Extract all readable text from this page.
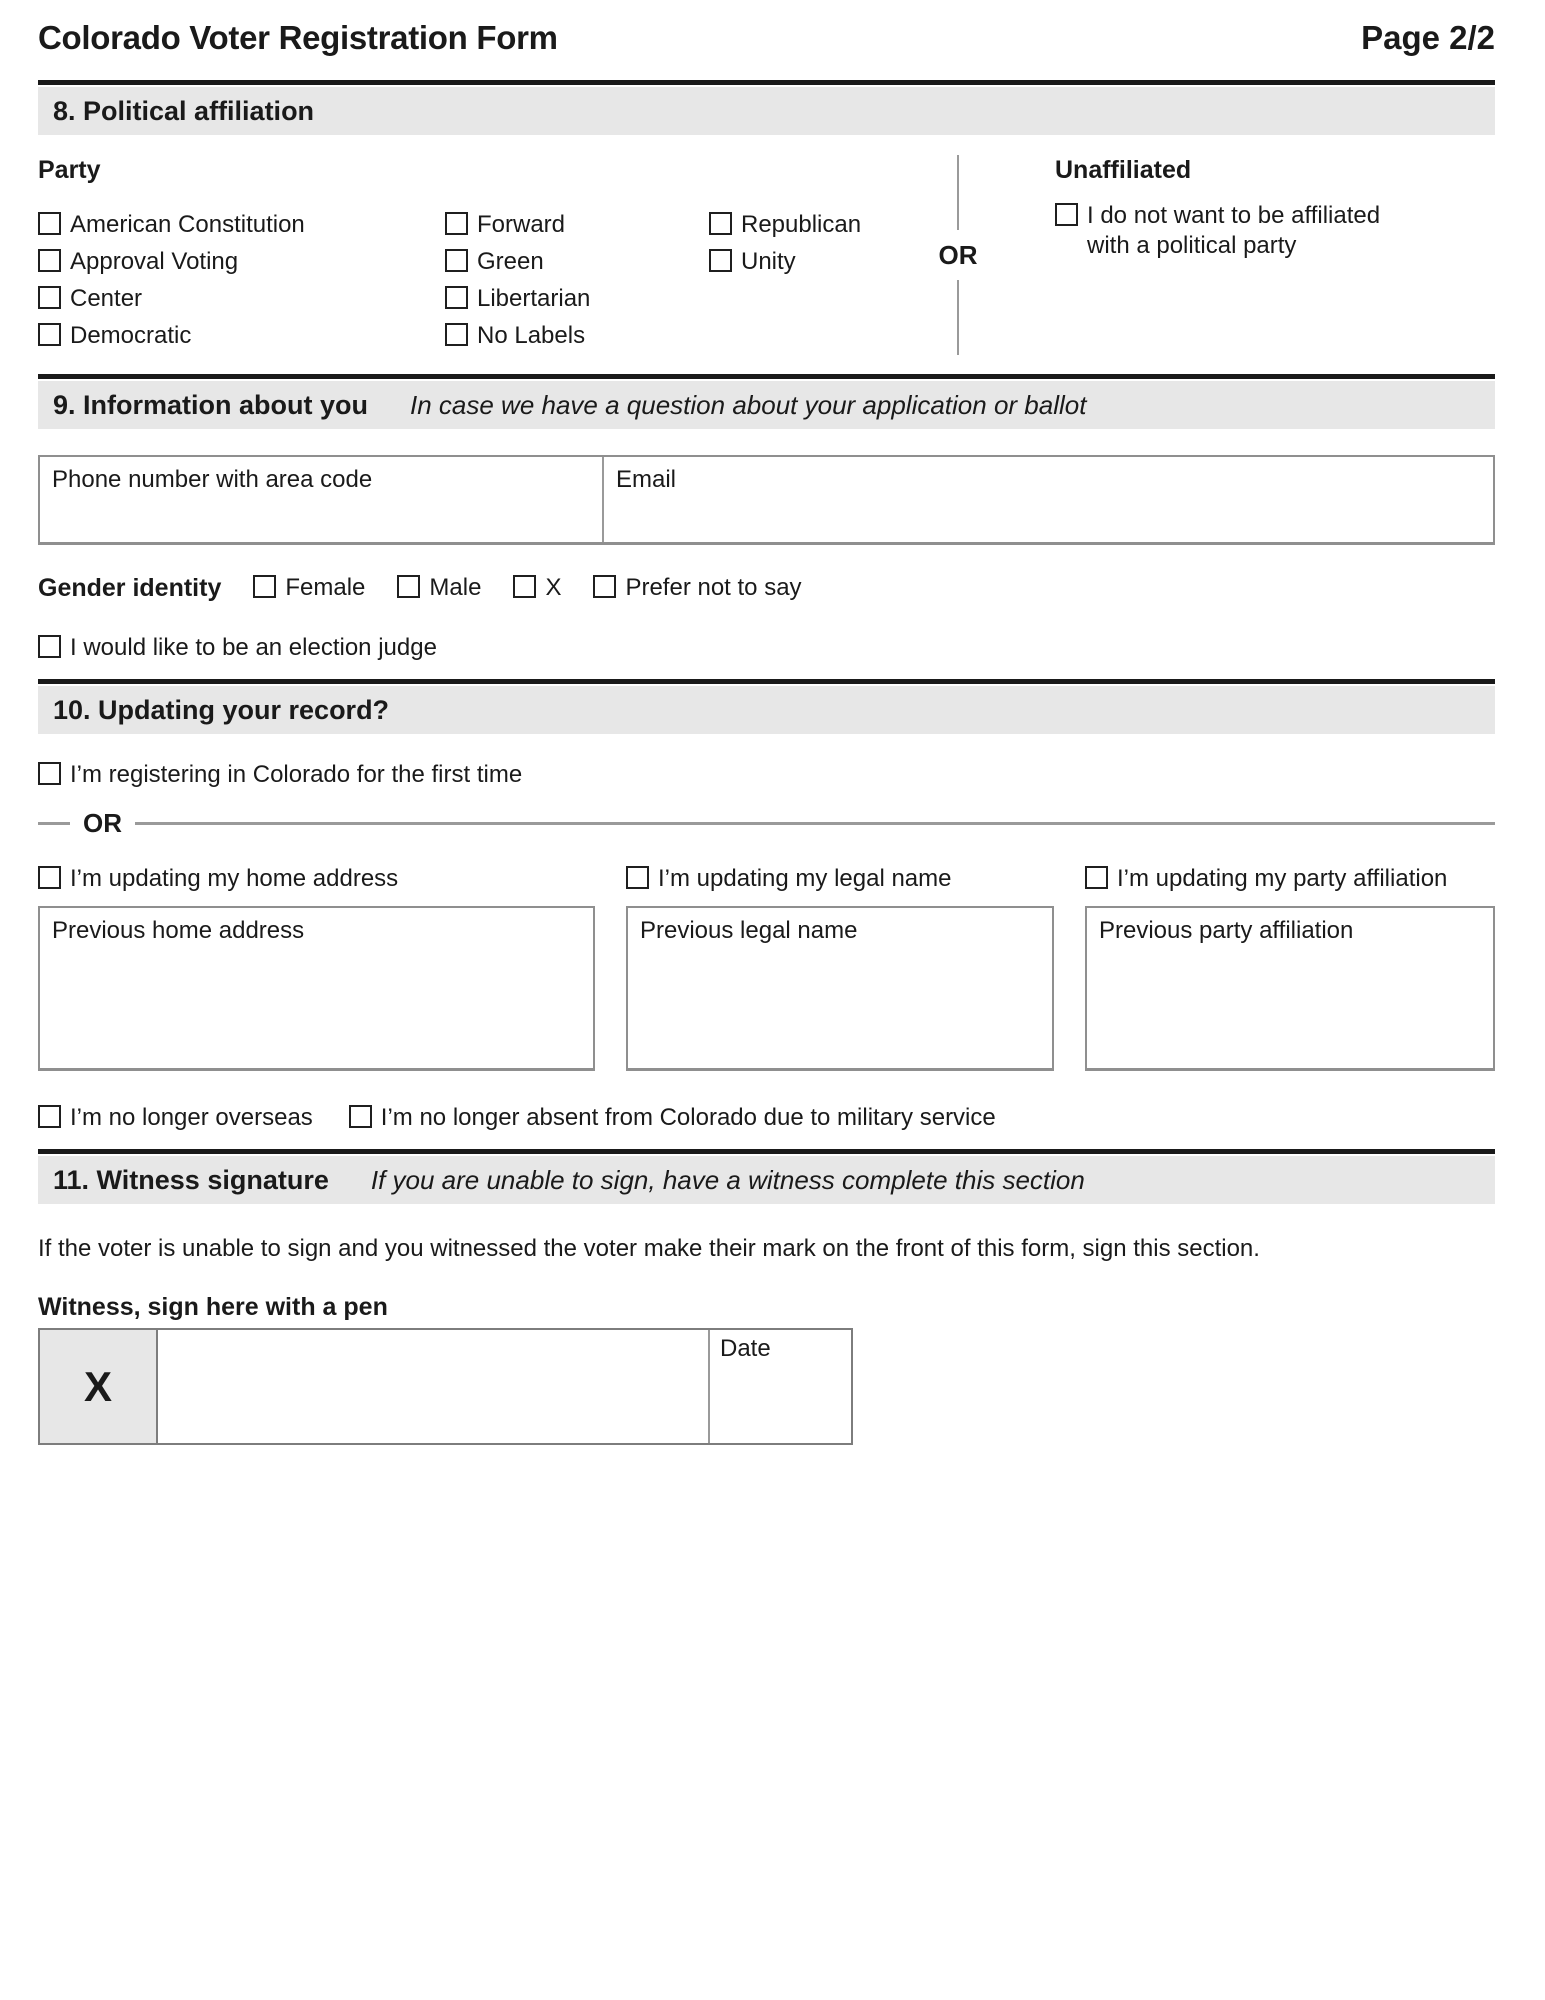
Colorado Voter Registration Form	Page 2/2
8. Political affiliation
Party
American Constitution
Approval Voting
Center
Democratic
Forward
Green
Libertarian
No Labels
Republican
Unity	OR
Unaffiliated
I do not want to be affiliated with a political party
9. Information about you In case we have a question about your application or ballot
Phone number with area code	Email
Gender identity	Female	Male	X	Prefer not to say
I would like to be an election judge
10. Updating your record?
I’m registering in Colorado for the first time
OR
I’m updating my home address	I’m updating my legal name	I’m updating my party affiliation
Previous home address	Previous legal name	Previous party affiliation
I’m no longer overseas	I’m no longer absent from Colorado due to military service
11. Witness signature If you are unable to sign, have a witness complete this section
If the voter is unable to sign and you witnessed the voter make their mark on the front of this form, sign this section.
Witness, sign here with a pen
X
Date
